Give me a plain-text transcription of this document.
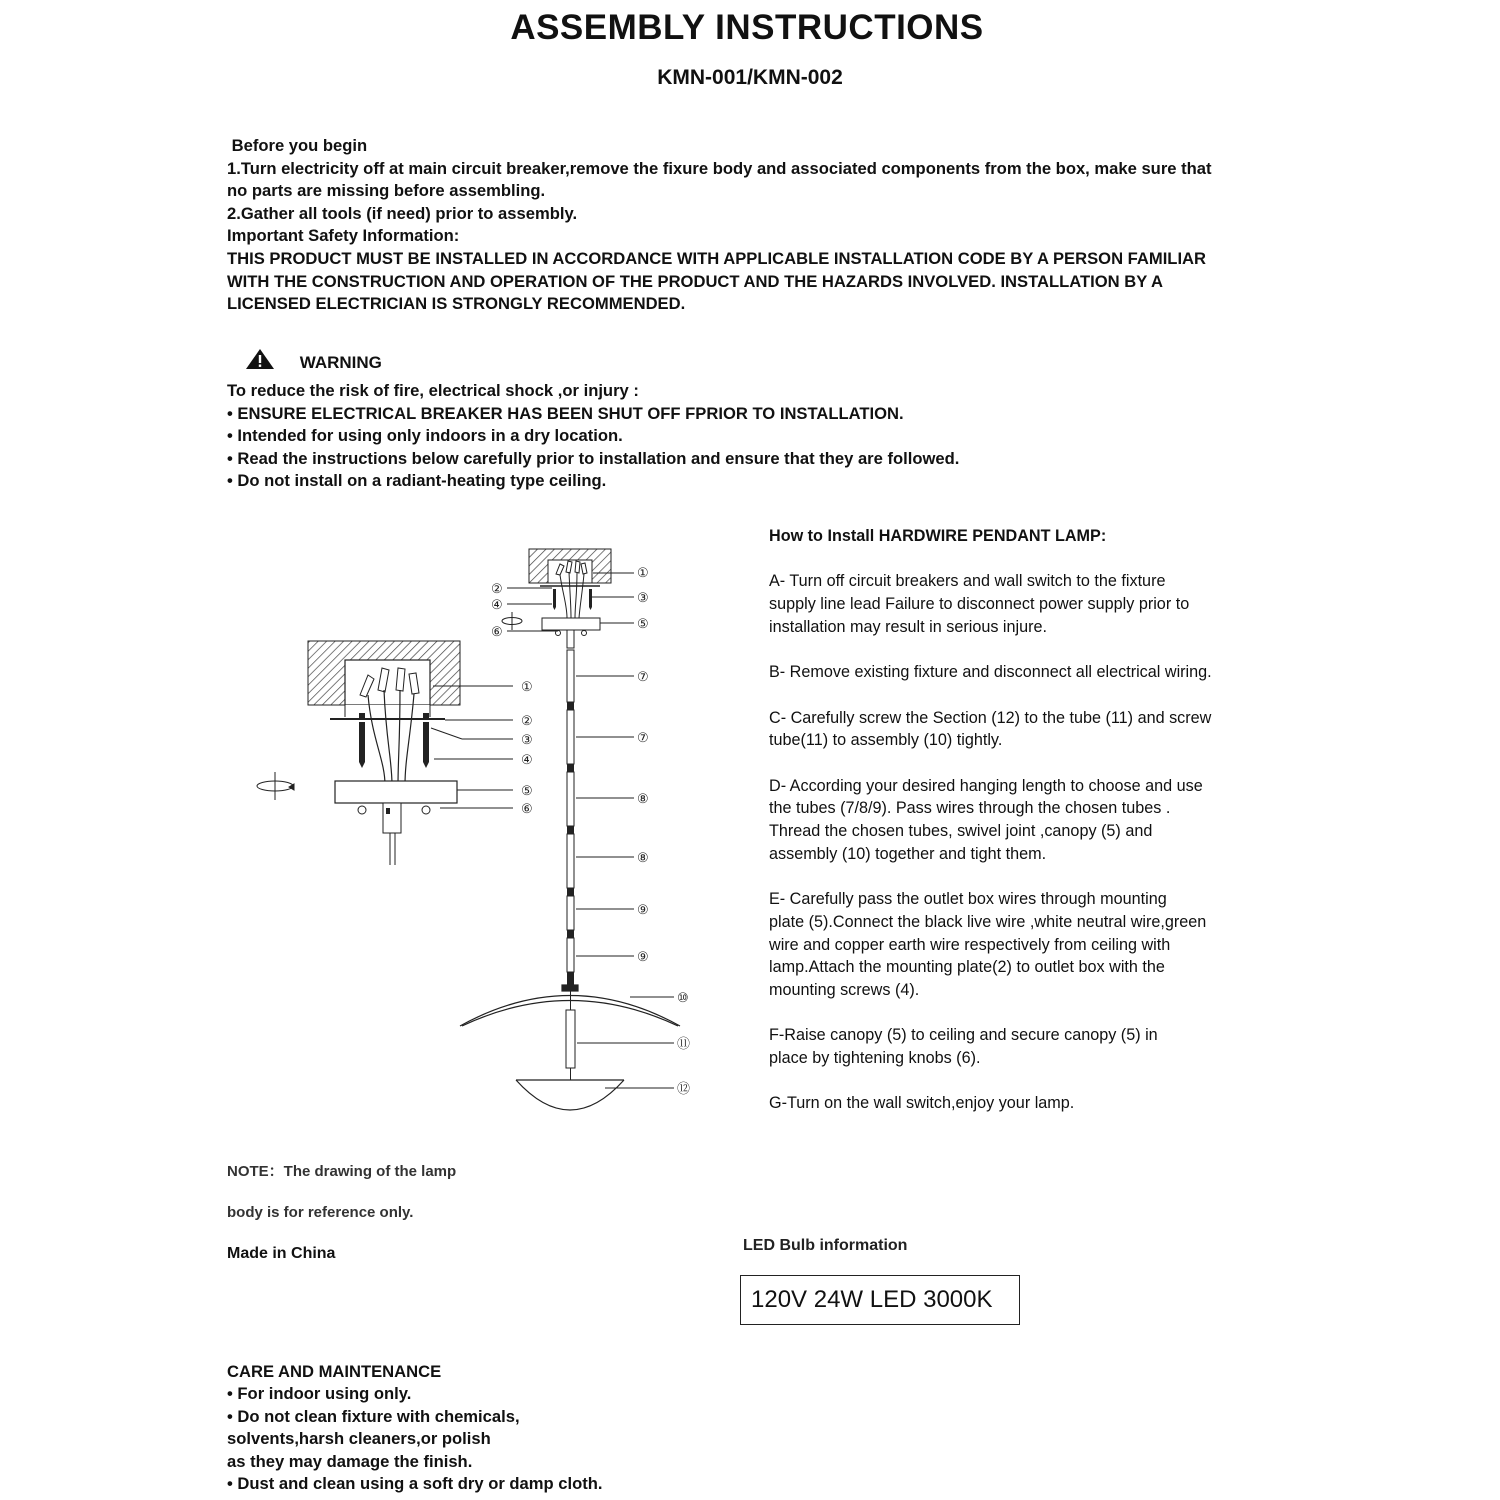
ASSEMBLY INSTRUCTIONS
KMN-001/KMN-002
Before you begin
1.Turn electricity off at main circuit breaker,remove the fixure body and associated components from the box, make sure that
no parts are missing before assembling.
2.Gather all tools (if need) prior to assembly.
Important Safety Information:
THIS PRODUCT MUST BE INSTALLED IN ACCORDANCE WITH APPLICABLE INSTALLATION CODE BY A PERSON FAMILIAR
WITH THE CONSTRUCTION AND OPERATION OF THE PRODUCT AND THE HAZARDS INVOLVED. INSTALLATION BY A
LICENSED ELECTRICIAN IS STRONGLY RECOMMENDED.
WARNING
To reduce the risk of fire, electrical shock ,or injury :
• ENSURE ELECTRICAL BREAKER HAS BEEN SHUT OFF FPRIOR TO INSTALLATION.
• Intended for using only indoors in a dry location.
• Read the instructions below carefully prior to installation and ensure that they are followed.
• Do not install on a radiant-heating type ceiling.
①
②
③
④
⑤
⑥
①
②
③
④
⑤
⑥
⑦
⑦
⑧
⑧
⑨
⑨
⑩
⑪
⑫
How to Install HARDWIRE PENDANT LAMP:
A- Turn off circuit breakers and wall switch to the fixture
supply line lead Failure to disconnect power supply prior to
installation may result in serious injure.
B- Remove existing fixture and disconnect all electrical wiring.
C- Carefully screw the Section (12) to the tube (11) and screw
tube(11) to assembly (10) tightly.
D- According your desired hanging length to choose and use
the tubes (7/8/9). Pass wires through the chosen tubes .
Thread the chosen tubes, swivel joint ,canopy (5) and
assembly (10) together and tight them.
E- Carefully pass the outlet box wires through mounting
plate (5).Connect the black live wire ,white neutral wire,green
wire and copper earth wire respectively from ceiling with
lamp.Attach the mounting plate(2) to outlet box with the
mounting screws (4).
F-Raise canopy (5) to ceiling and secure canopy (5) in
place by tightening knobs (6).
G-Turn on the wall switch,enjoy your lamp.
NOTE：The drawing of the lamp
body is for reference only.
Made in China	LED Bulb information
120V 24W LED 3000K
CARE AND MAINTENANCE
• For indoor using only.
• Do not clean fixture with chemicals,
solvents,harsh cleaners,or polish
as they may damage the finish.
• Dust and clean using a soft dry or damp cloth.
